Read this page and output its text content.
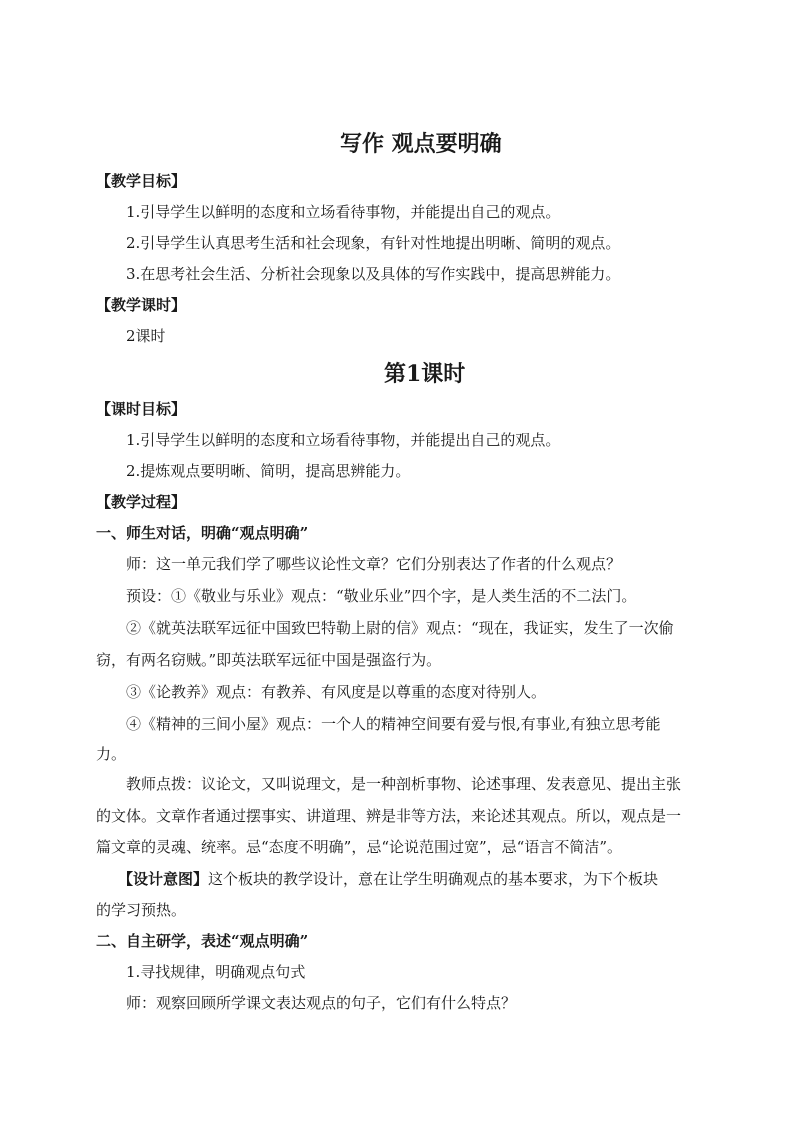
写作 观点要明确
【教学目标】
1.引导学生以鲜明的态度和立场看待事物，并能提出自己的观点。
2.引导学生认真思考生活和社会现象，有针对性地提出明晰、简明的观点。
3.在思考社会生活、分析社会现象以及具体的写作实践中，提高思辨能力。
【教学课时】
2课时
第1课时
【课时目标】
1.引导学生以鲜明的态度和立场看待事物，并能提出自己的观点。
2.提炼观点要明晰、简明，提高思辨能力。
【教学过程】
一、师生对话，明确“观点明确”
师：这一单元我们学了哪些议论性文章？它们分别表达了作者的什么观点？
预设：①《敬业与乐业》观点：“敬业乐业”四个字，是人类生活的不二法门。
②《就英法联军远征中国致巴特勒上尉的信》观点：“现在，我证实，发生了一次偷
窃，有两名窃贼。”即英法联军远征中国是强盗行为。
③《论教养》观点：有教养、有风度是以尊重的态度对待别人。
④《精神的三间小屋》观点：一个人的精神空间要有爱与恨,有事业,有独立思考能
力。
教师点拨：议论文，又叫说理文，是一种剖析事物、论述事理、发表意见、提出主张
的文体。文章作者通过摆事实、讲道理、辨是非等方法，来论述其观点。所以，观点是一
篇文章的灵魂、统率。忌“态度不明确”，忌“论说范围过宽”，忌“语言不简洁”。
【设计意图】这个板块的教学设计，意在让学生明确观点的基本要求，为下个板块
的学习预热。
二、自主研学，表述“观点明确”
1.寻找规律，明确观点句式
师：观察回顾所学课文表达观点的句子，它们有什么特点？
